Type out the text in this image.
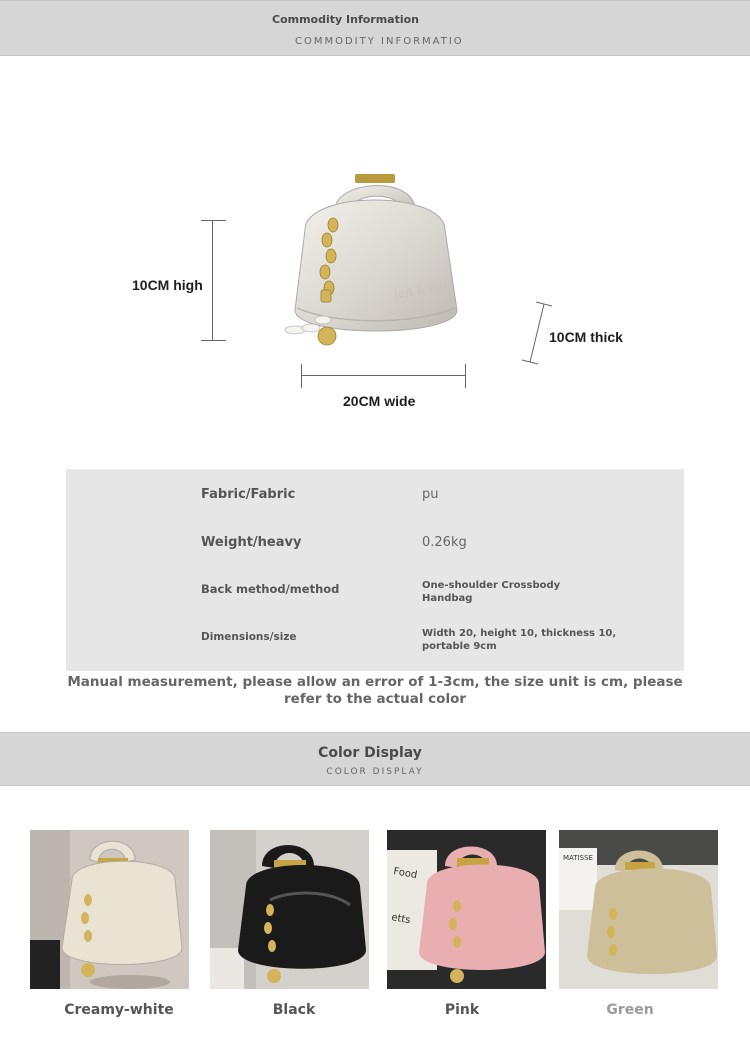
Commodity Information
COMMODITY INFORMATIO
len & iliu
10CM high
20CM wide
10CM thick
Fabric/Fabric	pu
Weight/heavy	0.26kg
Back method/method	One-shoulder Crossbody Handbag
Dimensions/size	Width 20, height 10, thickness 10, portable 9cm
Manual measurement, please allow an error of 1-3cm, the size unit is cm, please refer to the actual color
Color Display
COLOR DISPLAY
Food
etts
MATISSE
Creamy-white	Black	Pink	Green
